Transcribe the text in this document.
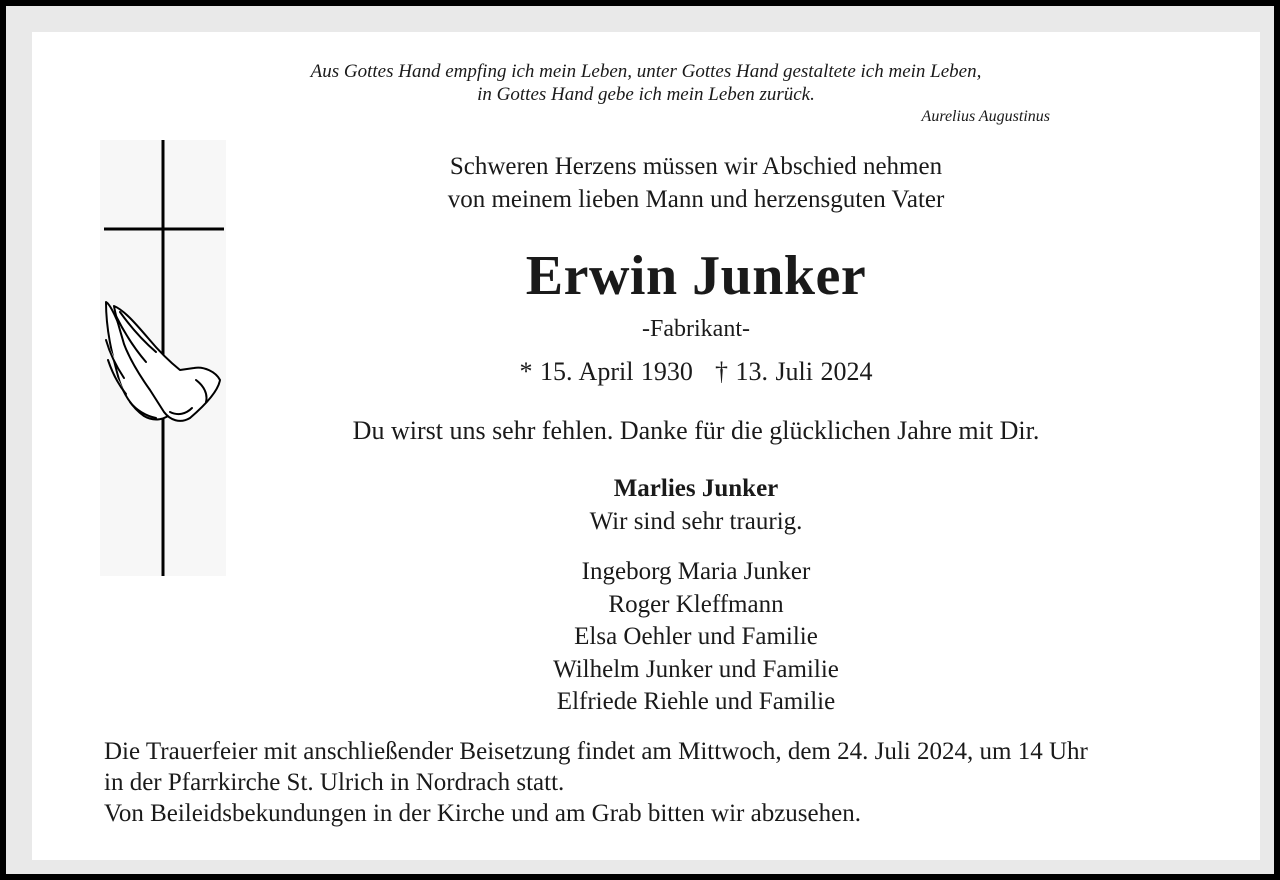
Aus Gottes Hand empfing ich mein Leben, unter Gottes Hand gestaltete ich mein Leben,
in Gottes Hand gebe ich mein Leben zurück.
Aurelius Augustinus
Schweren Herzens müssen wir Abschied nehmen
von meinem lieben Mann und herzensguten Vater
Erwin Junker
-Fabrikant-
* 15. April 1930 † 13. Juli 2024
Du wirst uns sehr fehlen. Danke für die glücklichen Jahre mit Dir.
Marlies Junker
Wir sind sehr traurig.
Ingeborg Maria Junker
Roger Kleffmann
Elsa Oehler und Familie
Wilhelm Junker und Familie
Elfriede Riehle und Familie
Die Trauerfeier mit anschließender Beisetzung findet am Mittwoch, dem 24. Juli 2024, um 14 Uhr
in der Pfarrkirche St. Ulrich in Nordrach statt.
Von Beileidsbekundungen in der Kirche und am Grab bitten wir abzusehen.
